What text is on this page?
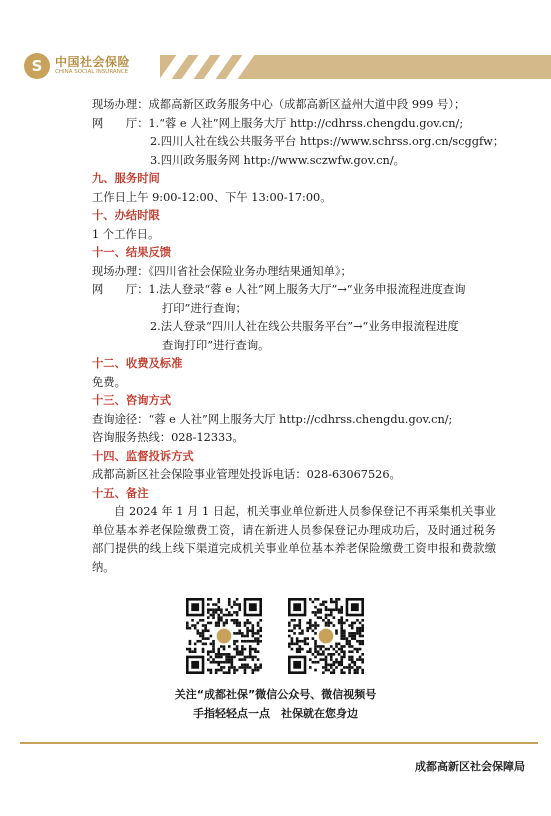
S	中国社会保险
CHINA SOCIAL INSURANCE
现场办理：成都高新区政务服务中心（成都高新区益州大道中段 999 号）；
网　　厅：1.“蓉 e 人社”网上服务大厅 http://cdhrss.chengdu.gov.cn/;
2.四川人社在线公共服务平台 https://www.schrss.org.cn/scggfw；
3.四川政务服务网 http://www.sczwfw.gov.cn/。
九、服务时间
工作日上午 9:00-12:00、下午 13:00-17:00。
十、办结时限
1 个工作日。
十一、结果反馈
现场办理：《四川省社会保险业务办理结果通知单》；
网　　厅：1.法人登录“蓉 e 人社”网上服务大厅”→“业务申报流程进度查询
打印”进行查询；
2.法人登录“四川人社在线公共服务平台”→“业务申报流程进度
查询打印”进行查询。
十二、收费及标准
免费。
十三、咨询方式
查询途径：“蓉 e 人社”网上服务大厅 http://cdhrss.chengdu.gov.cn/;
咨询服务热线：028-12333。
十四、监督投诉方式
成都高新区社会保险事业管理处投诉电话：028-63067526。
十五、备注
自 2024 年 1 月 1 日起，机关事业单位新进人员参保登记不再采集机关事业单位基本养老保险缴费工资，请在新进人员参保登记办理成功后，及时通过税务部门提供的线上线下渠道完成机关事业单位基本养老保险缴费工资申报和费款缴纳。
关注“成都社保”微信公众号、微信视频号
手指轻轻点一点　社保就在您身边
成都高新区社会保障局
